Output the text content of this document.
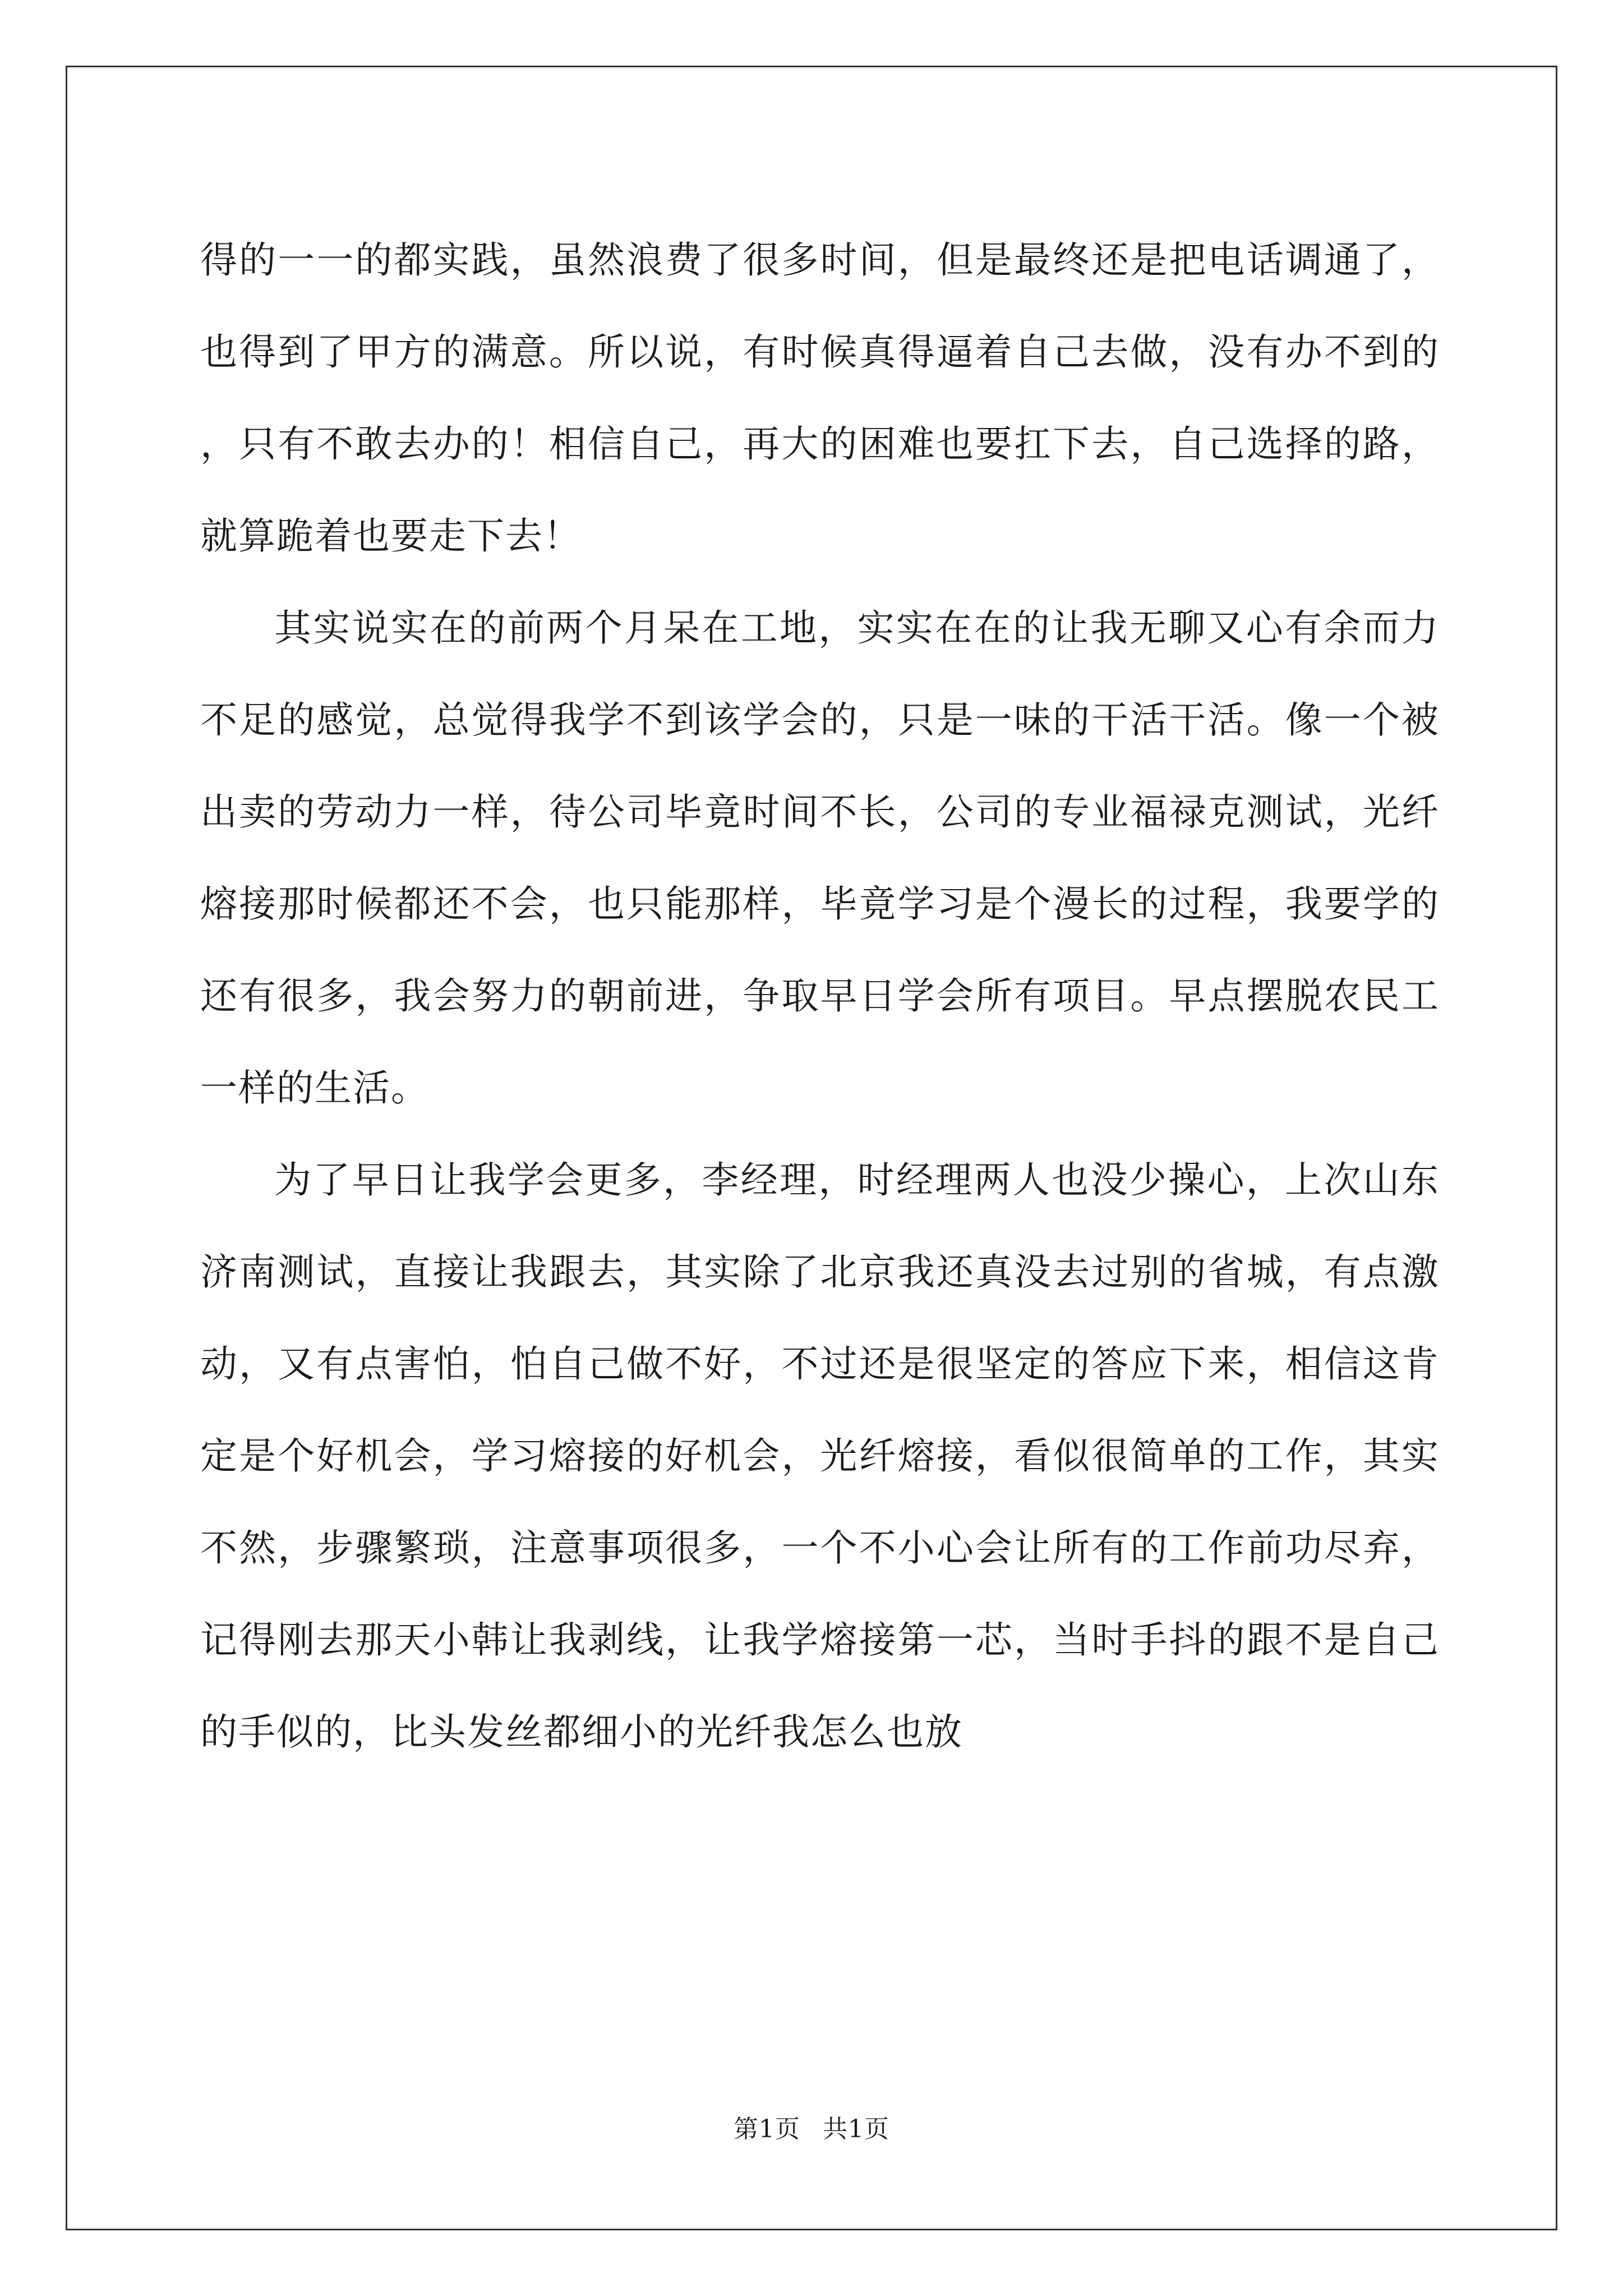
得的一一的都实践，虽然浪费了很多时间，但是最终还是把电话调通了，也得到了甲方的满意。所以说，有时候真得逼着自己去做，没有办不到的，只有不敢去办的！相信自己，再大的困难也要扛下去，自己选择的路，就算跪着也要走下去！

其实说实在的前两个月呆在工地，实实在在的让我无聊又心有余而力不足的感觉，总觉得我学不到该学会的，只是一味的干活干活。像一个被出卖的劳动力一样，待公司毕竟时间不长，公司的专业福禄克测试，光纤熔接那时候都还不会，也只能那样，毕竟学习是个漫长的过程，我要学的还有很多，我会努力的朝前进，争取早日学会所有项目。早点摆脱农民工一样的生活。

为了早日让我学会更多，李经理，时经理两人也没少操心，上次山东济南测试，直接让我跟去，其实除了北京我还真没去过别的省城，有点激动，又有点害怕，怕自己做不好，不过还是很坚定的答应下来，相信这肯定是个好机会，学习熔接的好机会，光纤熔接，看似很简单的工作，其实不然，步骤繁琐，注意事项很多，一个不小心会让所有的工作前功尽弃，记得刚去那天小韩让我剥线，让我学熔接第一芯，当时手抖的跟不是自己的手似的，比头发丝都细小的光纤我怎么也放

第1页 共1页
